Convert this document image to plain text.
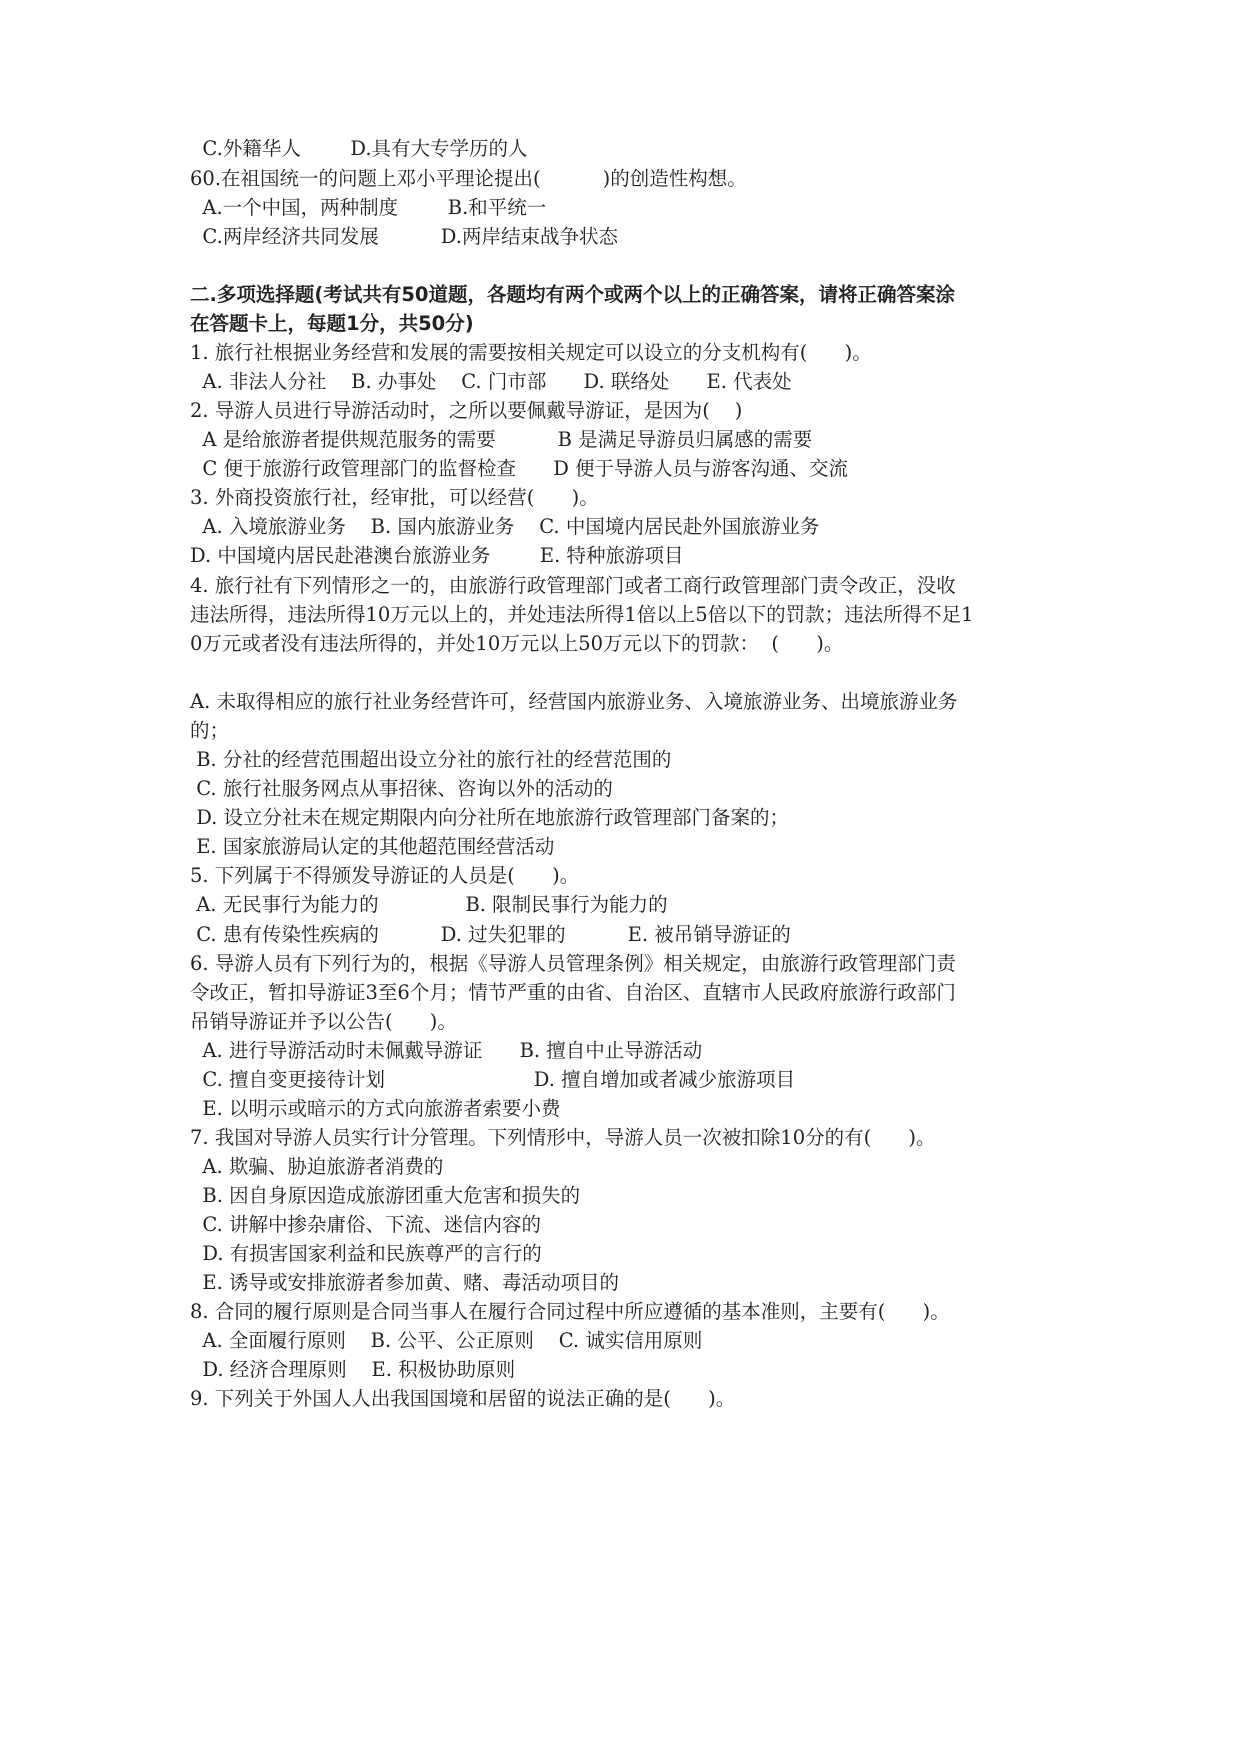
C.外籍华人        D.具有大专学历的人
60.在祖国统一的问题上邓小平理论提出(          )的创造性构想。
A.一个中国，两种制度        B.和平统一
C.两岸经济共同发展          D.两岸结束战争状态
二.多项选择题(考试共有50道题，各题均有两个或两个以上的正确答案，请将正确答案涂
在答题卡上，每题1分，共50分)
1. 旅行社根据业务经营和发展的需要按相关规定可以设立的分支机构有(      )。
A. 非法人分社    B. 办事处    C. 门市部      D. 联络处      E. 代表处
2. 导游人员进行导游活动时，之所以要佩戴导游证，是因为(    )
A 是给旅游者提供规范服务的需要          B 是满足导游员归属感的需要
C 便于旅游行政管理部门的监督检查      D 便于导游人员与游客沟通、交流
3. 外商投资旅行社，经审批，可以经营(      )。
A. 入境旅游业务    B. 国内旅游业务    C. 中国境内居民赴外国旅游业务
D. 中国境内居民赴港澳台旅游业务        E. 特种旅游项目
4. 旅行社有下列情形之一的，由旅游行政管理部门或者工商行政管理部门责令改正，没收
违法所得，违法所得10万元以上的，并处违法所得1倍以上5倍以下的罚款；违法所得不足1
0万元或者没有违法所得的，并处10万元以上50万元以下的罚款：  (      )。
A. 未取得相应的旅行社业务经营许可，经营国内旅游业务、入境旅游业务、出境旅游业务
的；
B. 分社的经营范围超出设立分社的旅行社的经营范围的
C. 旅行社服务网点从事招徕、咨询以外的活动的
D. 设立分社未在规定期限内向分社所在地旅游行政管理部门备案的；
E. 国家旅游局认定的其他超范围经营活动
5. 下列属于不得颁发导游证的人员是(      )。
A. 无民事行为能力的              B. 限制民事行为能力的
C. 患有传染性疾病的          D. 过失犯罪的          E. 被吊销导游证的
6. 导游人员有下列行为的，根据《导游人员管理条例》相关规定，由旅游行政管理部门责
令改正，暂扣导游证3至6个月；情节严重的由省、自治区、直辖市人民政府旅游行政部门
吊销导游证并予以公告(      )。
A. 进行导游活动时未佩戴导游证      B. 擅自中止导游活动
C. 擅自变更接待计划                        D. 擅自增加或者减少旅游项目
E. 以明示或暗示的方式向旅游者索要小费
7. 我国对导游人员实行计分管理。下列情形中，导游人员一次被扣除10分的有(      )。
A. 欺骗、胁迫旅游者消费的
B. 因自身原因造成旅游团重大危害和损失的
C. 讲解中掺杂庸俗、下流、迷信内容的
D. 有损害国家利益和民族尊严的言行的
E. 诱导或安排旅游者参加黄、赌、毒活动项目的
8. 合同的履行原则是合同当事人在履行合同过程中所应遵循的基本准则，主要有(      )。
A. 全面履行原则    B. 公平、公正原则    C. 诚实信用原则
D. 经济合理原则    E. 积极协助原则
9. 下列关于外国人人出我国国境和居留的说法正确的是(      )。
